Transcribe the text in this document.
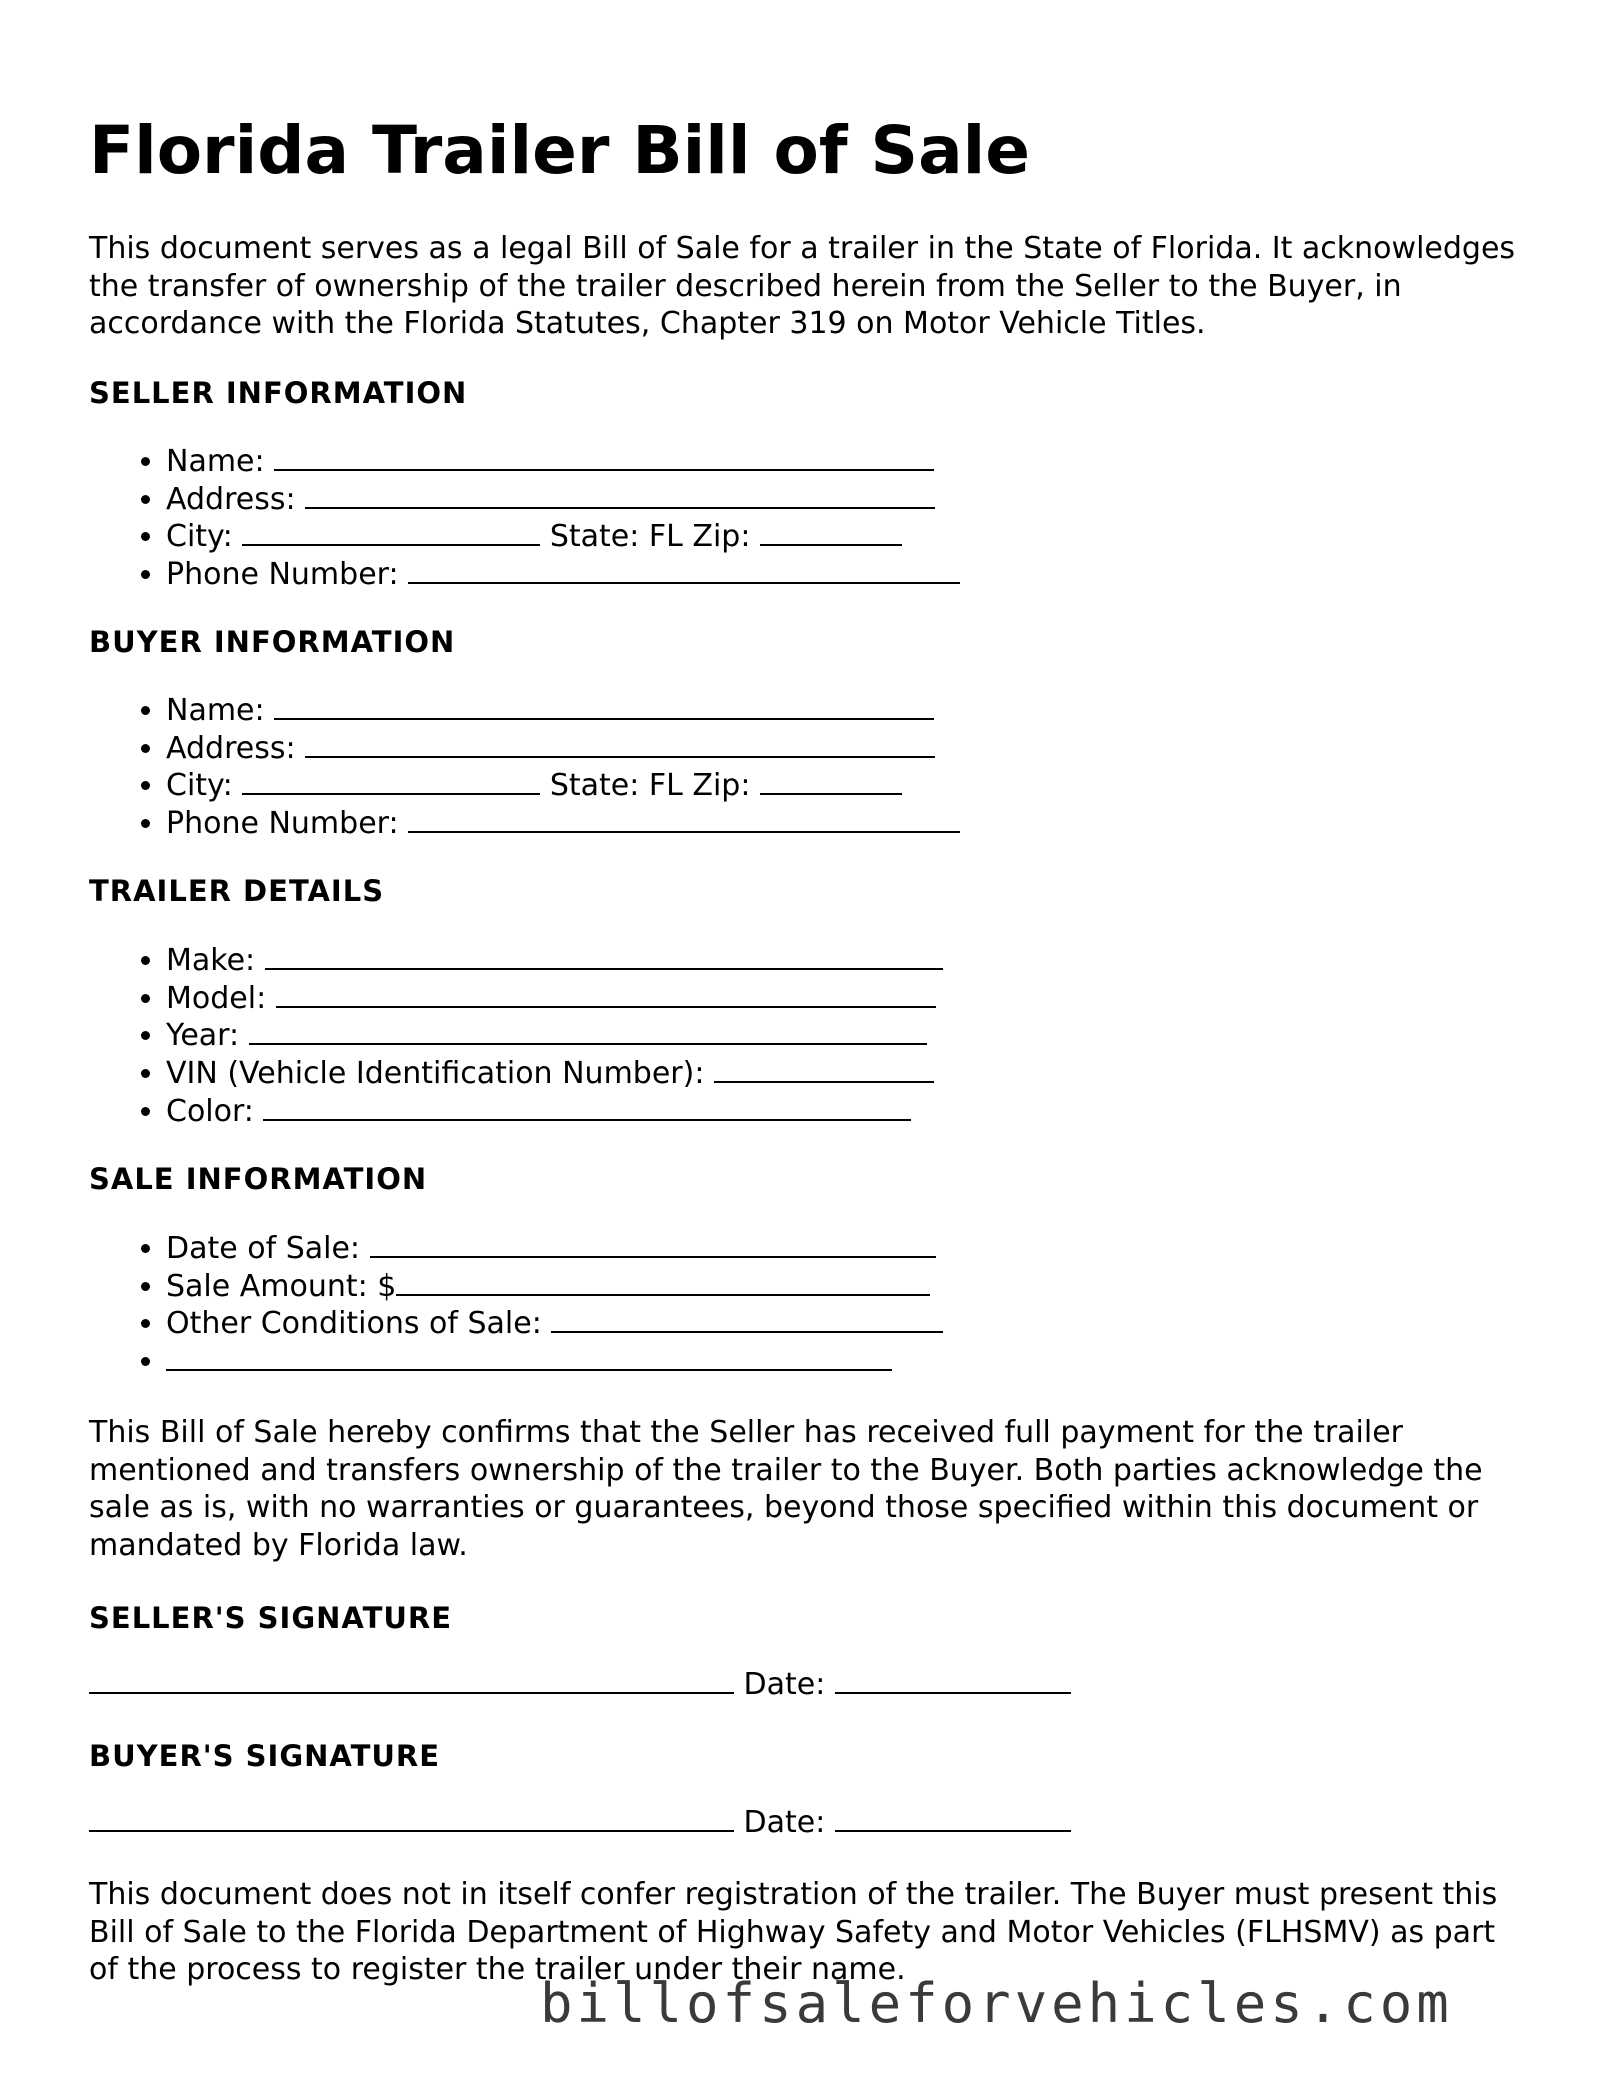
Florida Trailer Bill of Sale

This document serves as a legal Bill of Sale for a trailer in the State of Florida. It acknowledges the transfer of ownership of the trailer described herein from the Seller to the Buyer, in accordance with the Florida Statutes, Chapter 319 on Motor Vehicle Titles.

SELLER INFORMATION
• Name:
• Address:
• City:	State: FL Zip:
• Phone Number:
BUYER INFORMATION
• Name:
• Address:
• City:	State: FL Zip:
• Phone Number:
TRAILER DETAILS
• Make:
• Model:
• Year:
• VIN (Vehicle Identification Number):
• Color:
SALE INFORMATION
• Date of Sale:
• Sale Amount: $
• Other Conditions of Sale:
•

This Bill of Sale hereby confirms that the Seller has received full payment for the trailer mentioned and transfers ownership of the trailer to the Buyer. Both parties acknowledge the sale as is, with no warranties or guarantees, beyond those specified within this document or mandated by Florida law.

SELLER'S SIGNATURE
Date:
BUYER'S SIGNATURE
Date:

This document does not in itself confer registration of the trailer. The Buyer must present this Bill of Sale to the Florida Department of Highway Safety and Motor Vehicles (FLHSMV) as part of the process to register the trailer under their name.

billofsaleforvehicles.com
